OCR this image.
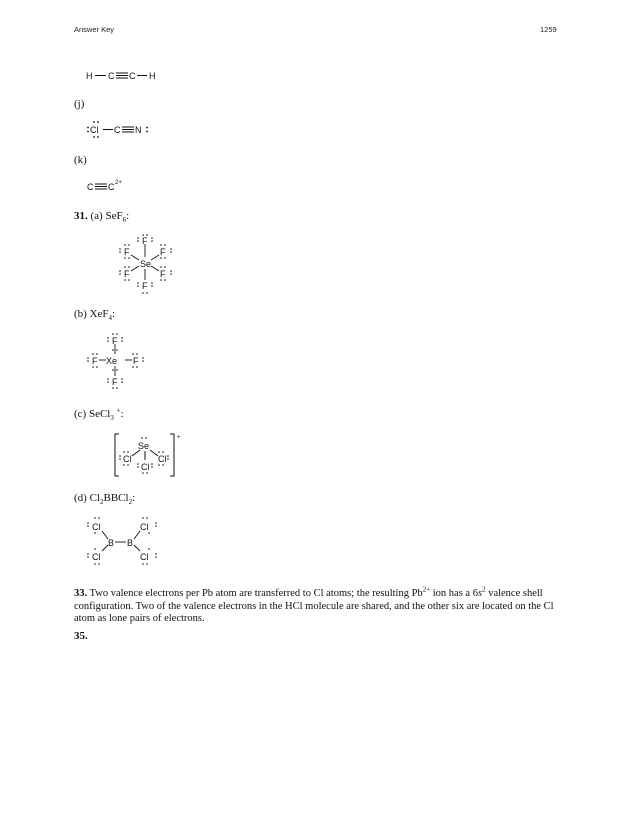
Answer Key	1259
H C C H
(j)
Cl C N
(k)
C C 2+
31. (a) SeF$_6$:
Se
F
F
F	F
F	F
(b) XeF$_4$:
Xe
F
F
F	F
(c) SeCl$_3$ +:
Se
Cl	Cl
Cl
+
(d) $Cl_2BBCl_2$:
B B
Cl
Cl
Cl
Cl
33. Two valence electrons per Pb atom are transferred to Cl atoms; the resulting $Pb^{2+}$ ion has a $6s^2$ valence shell configuration. Two of the valence electrons in the HCl molecule are shared, and the other six are located on the Cl atom as lone pairs of electrons.
35.
